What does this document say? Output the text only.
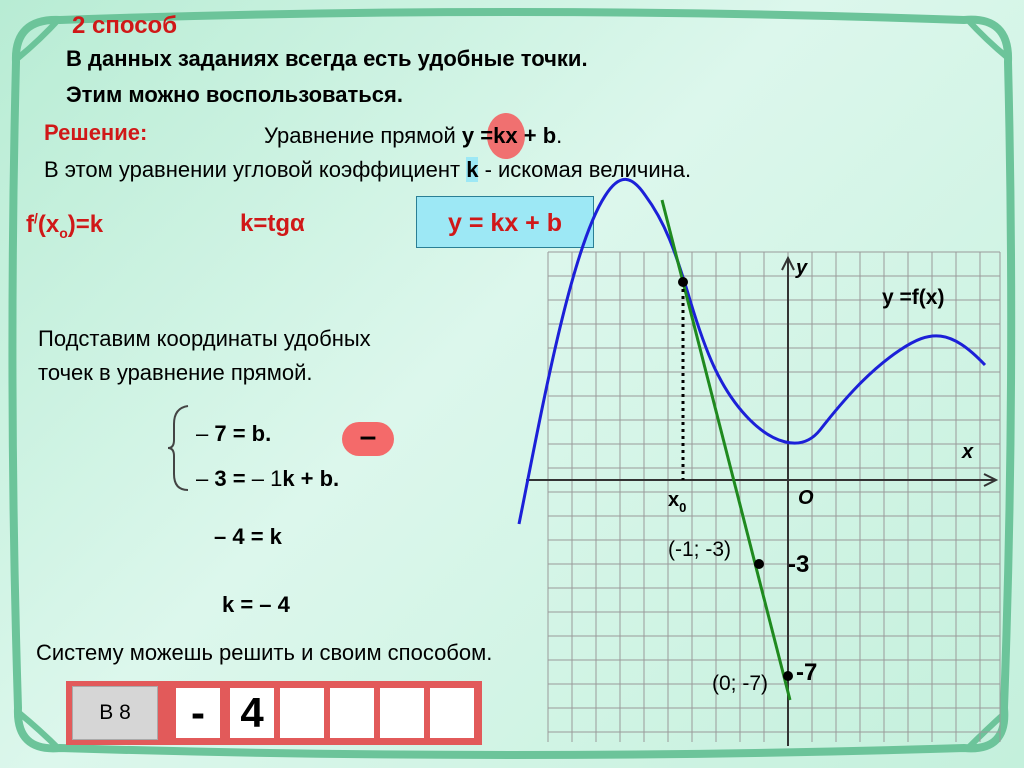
2 способ
В данных заданиях всегда есть удобные точки.
Этим можно воспользоваться.
Решение:	Уравнение прямой y =
kx + b.
В этом уравнении угловой коэффициент k - искомая величина.
$f^/(x_o)=k$	k=tgα	y = kx + b
Подставим координаты удобных
точек в уравнение прямой.
– 7 = b.
– 3 = – 1k + b.
–
– 4 = k
k = – 4
Систему можешь решить и своим способом.
y
x
O
$x_0$
y =f(x)
(-1; -3)
(0; -7)
-3
-7
- 4
В 8
